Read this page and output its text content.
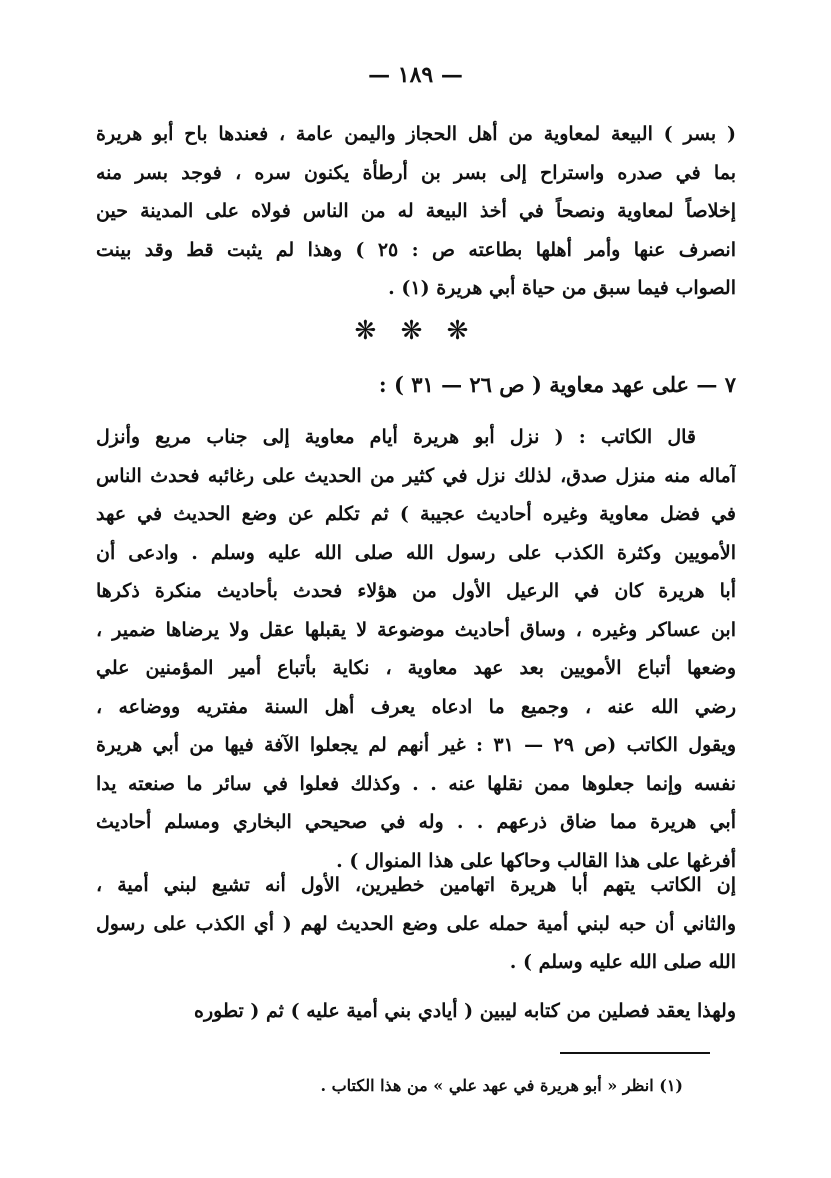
— ١٨٩ —
( بسر ) البيعة لمعاوية من أهل الحجاز واليمن عامة ، فعندها باح أبو هريرة
بما في صدره واستراح إلى بسر بن أرطأة يكنون سره ، فوجد بسر منه
إخلاصاً لمعاوية ونصحاً في أخذ البيعة له من الناس فولاه على المدينة حين
انصرف عنها وأمر أهلها بطاعته ص : ٢٥ ) وهذا لم يثبت قط وقد بينت
الصواب فيما سبق من حياة أبي هريرة (١) .
❋ ❋ ❋
٧ — على عهد معاوية ( ص ٢٦ — ٣١ ) :
قال الكاتب : ( نزل أبو هريرة أيام معاوية إلى جناب مريع وأنزل
آماله منه منزل صدق، لذلك نزل في كثير من الحديث على رغائبه فحدث الناس
في فضل معاوية وغيره أحاديث عجيبة ) ثم تكلم عن وضع الحديث في عهد
الأمويين وكثرة الكذب على رسول الله صلى الله عليه وسلم . وادعى أن
أبا هريرة كان في الرعيل الأول من هؤلاء فحدث بأحاديث منكرة ذكرها
ابن عساكر وغيره ، وساق أحاديث موضوعة لا يقبلها عقل ولا يرضاها ضمير ،
وضعها أتباع الأمويين بعد عهد معاوية ، نكاية بأتباع أمير المؤمنين علي
رضي الله عنه ، وجميع ما ادعاه يعرف أهل السنة مفتريه ووضاعه ،
ويقول الكاتب (ص ٢٩ — ٣١ : غير أنهم لم يجعلوا الآفة فيها من أبي هريرة
نفسه وإنما جعلوها ممن نقلها عنه . . وكذلك فعلوا في سائر ما صنعته يدا
أبي هريرة مما ضاق ذرعهم . . وله في صحيحي البخاري ومسلم أحاديث
أفرغها على هذا القالب وحاكها على هذا المنوال ) .
إن الكاتب يتهم أبا هريرة اتهامين خطيرين، الأول أنه تشيع لبني أمية ،
والثاني أن حبه لبني أمية حمله على وضع الحديث لهم ( أي الكذب على رسول
الله صلى الله عليه وسلم ) .
ولهذا يعقد فصلين من كتابه ليبين ( أيادي بني أمية عليه ) ثم ( تطوره
(١) انظر « أبو هريرة في عهد علي » من هذا الكتاب .
